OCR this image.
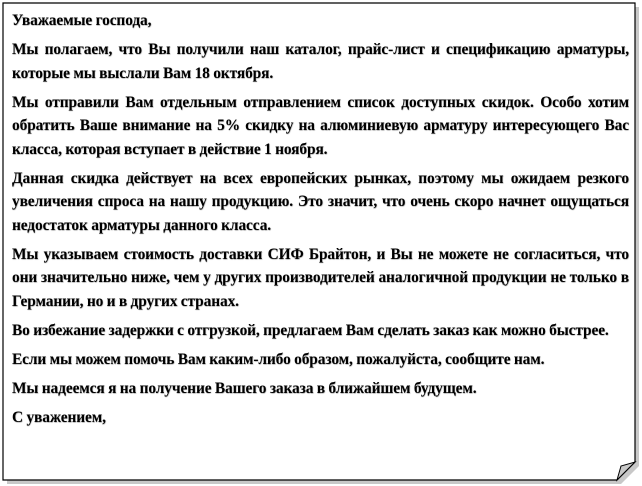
Уважаемые господа,

Мы полагаем, что Вы получили наш каталог, прайс-лист и спецификацию арматуры, которые мы выслали Вам 18 октября.

Мы отправили Вам отдельным отправлением список доступных скидок. Особо хотим обратить Ваше внимание на 5% скидку на алюминиевую арматуру интересующего Вас класса, которая вступает в действие 1 ноября.

Данная скидка действует на всех европейских рынках, поэтому мы ожидаем резкого увеличения спроса на нашу продукцию. Это значит, что очень скоро начнет ощущаться недостаток арматуры данного класса.

Мы указываем стоимость доставки СИФ Брайтон, и Вы не можете не согласиться, что они значительно ниже, чем у других производителей аналогичной продукции не только в Германии, но и в других странах.

Во избежание задержки с отгрузкой, предлагаем Вам сделать заказ как можно быстрее.

Если мы можем помочь Вам каким-либо образом, пожалуйста, сообщите нам.

Мы надеемся я на получение Вашего заказа в ближайшем будущем.

С уважением,
